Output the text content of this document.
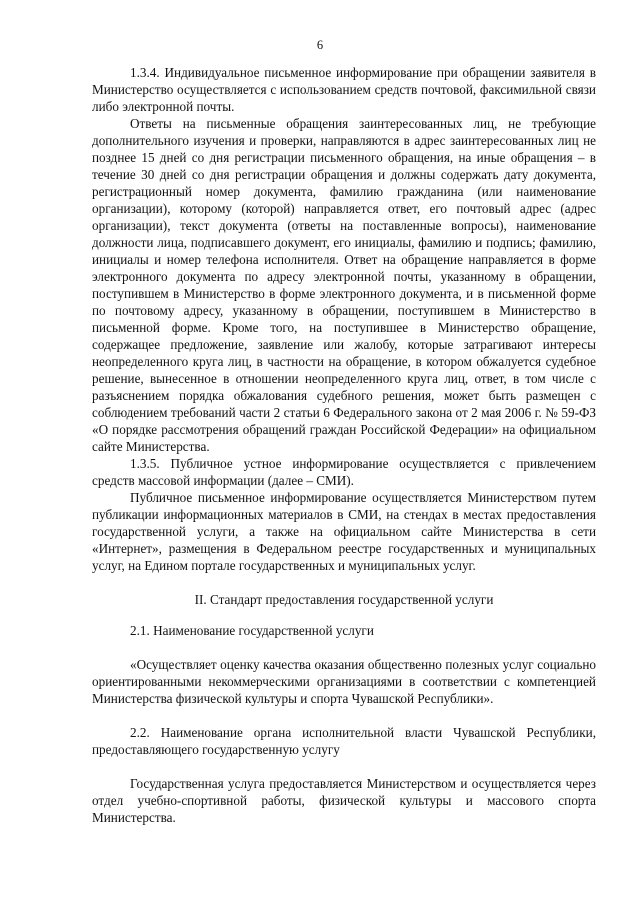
6

1.3.4. Индивидуальное письменное информирование при обращении заявителя в Министерство осуществляется с использованием средств почтовой, факсимильной связи либо электронной почты.

Ответы на письменные обращения заинтересованных лиц, не требующие дополнительного изучения и проверки, направляются в адрес заинтересованных лиц не позднее 15 дней со дня регистрации письменного обращения, на иные обращения – в течение 30 дней со дня регистрации обращения и должны содержать дату документа, регистрационный номер документа, фамилию гражданина (или наименование организации), которому (которой) направляется ответ, его почтовый адрес (адрес организации), текст документа (ответы на поставленные вопросы), наименование должности лица, подписавшего документ, его инициалы, фамилию и подпись; фамилию, инициалы и номер телефона исполнителя. Ответ на обращение направляется в форме электронного документа по адресу электронной почты, указанному в обращении, поступившем в Министерство в форме электронного документа, и в письменной форме по почтовому адресу, указанному в обращении, поступившем в Министерство в письменной форме. Кроме того, на поступившее в Министерство обращение, содержащее предложение, заявление или жалобу, которые затрагивают интересы неопределенного круга лиц, в частности на обращение, в котором обжалуется судебное решение, вынесенное в отношении неопределенного круга лиц, ответ, в том числе с разъяснением порядка обжалования судебного решения, может быть размещен с соблюдением требований части 2 статьи 6 Федерального закона от 2 мая 2006 г. № 59-ФЗ «О порядке рассмотрения обращений граждан Российской Федерации» на официальном сайте Министерства.

1.3.5. Публичное устное информирование осуществляется с привлечением средств массовой информации (далее – СМИ).

Публичное письменное информирование осуществляется Министерством путем публикации информационных материалов в СМИ, на стендах в местах предоставления государственной услуги, а также на официальном сайте Министерства в сети «Интернет», размещения в Федеральном реестре государственных и муниципальных услуг, на Едином портале государственных и муниципальных услуг.

II. Стандарт предоставления государственной услуги

2.1. Наименование государственной услуги

«Осуществляет оценку качества оказания общественно полезных услуг социально ориентированными некоммерческими организациями в соответствии с компетенцией Министерства физической культуры и спорта Чувашской Республики».

2.2. Наименование органа исполнительной власти Чувашской Республики, предоставляющего государственную услугу

Государственная услуга предоставляется Министерством и осуществляется через отдел учебно-спортивной работы, физической культуры и массового спорта Министерства.
